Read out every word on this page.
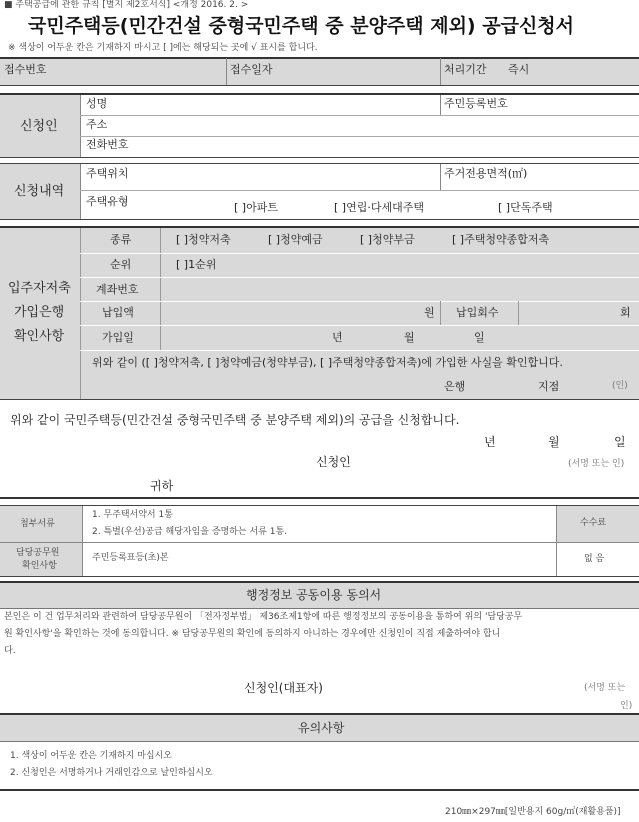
■ 주택공급에 관한 규칙 [별지 제2호서식] <개정 2016. 2. >
국민주택등(민간건설 중형국민주택 중 분양주택 제외) 공급신청서
※ 색상이 어두운 칸은 기재하지 마시고 [ ]에는 해당되는 곳에 √ 표시를 합니다.
접수번호	접수일자	처리기간 즉시
신청인
성명	주민등록번호
주소
전화번호
신청내역
주택위치	주거전용면적(㎡)
주택유형	[ ]아파트	[ ]연립·다세대주택	[ ]단독주택
입주자저축
가입은행
확인사항
종류	[ ]청약저축	[ ]청약예금	[ ]청약부금	[ ]주택청약종합저축
순위	[ ]1순위
계좌번호
납입액	원 납입회수	회
가입일	년	월	일
위와 같이 ([ ]청약저축, [ ]청약예금(청약부금), [ ]주택청약종합저축)에 가입한 사실을 확인합니다.
은행	지점	(인)
위와 같이 국민주택등(민간건설 중형국민주택 중 분양주택 제외)의 공급을 신청합니다.
년	월	일
신청인	(서명 또는 인)
귀하
첨부서류
1. 무주택서약서 1통
2. 특별(우선)공급 해당자임을 증명하는 서류 1통.
수수료
담당공무원
확인사항
주민등록표등(초)본	없 음
행정정보 공동이용 동의서
본인은 이 건 업무처리와 관련하여 담당공무원이 「전자정부법」 제36조제1항에 따른 행정정보의 공동이용을 통하여 위의 '담당공무
원 확인사항'을 확인하는 것에 동의합니다. ※ 담당공무원의 확인에 동의하지 아니하는 경우에만 신청인이 직접 제출하여야 합니
다.
신청인(대표자)	(서명 또는
인)
유의사항
1. 색상이 어두운 칸은 기재하지 마십시오
2. 신청인은 서명하거나 거래인감으로 날인하십시오
210㎜×297㎜[일반용지 60g/㎡(재활용품)]
